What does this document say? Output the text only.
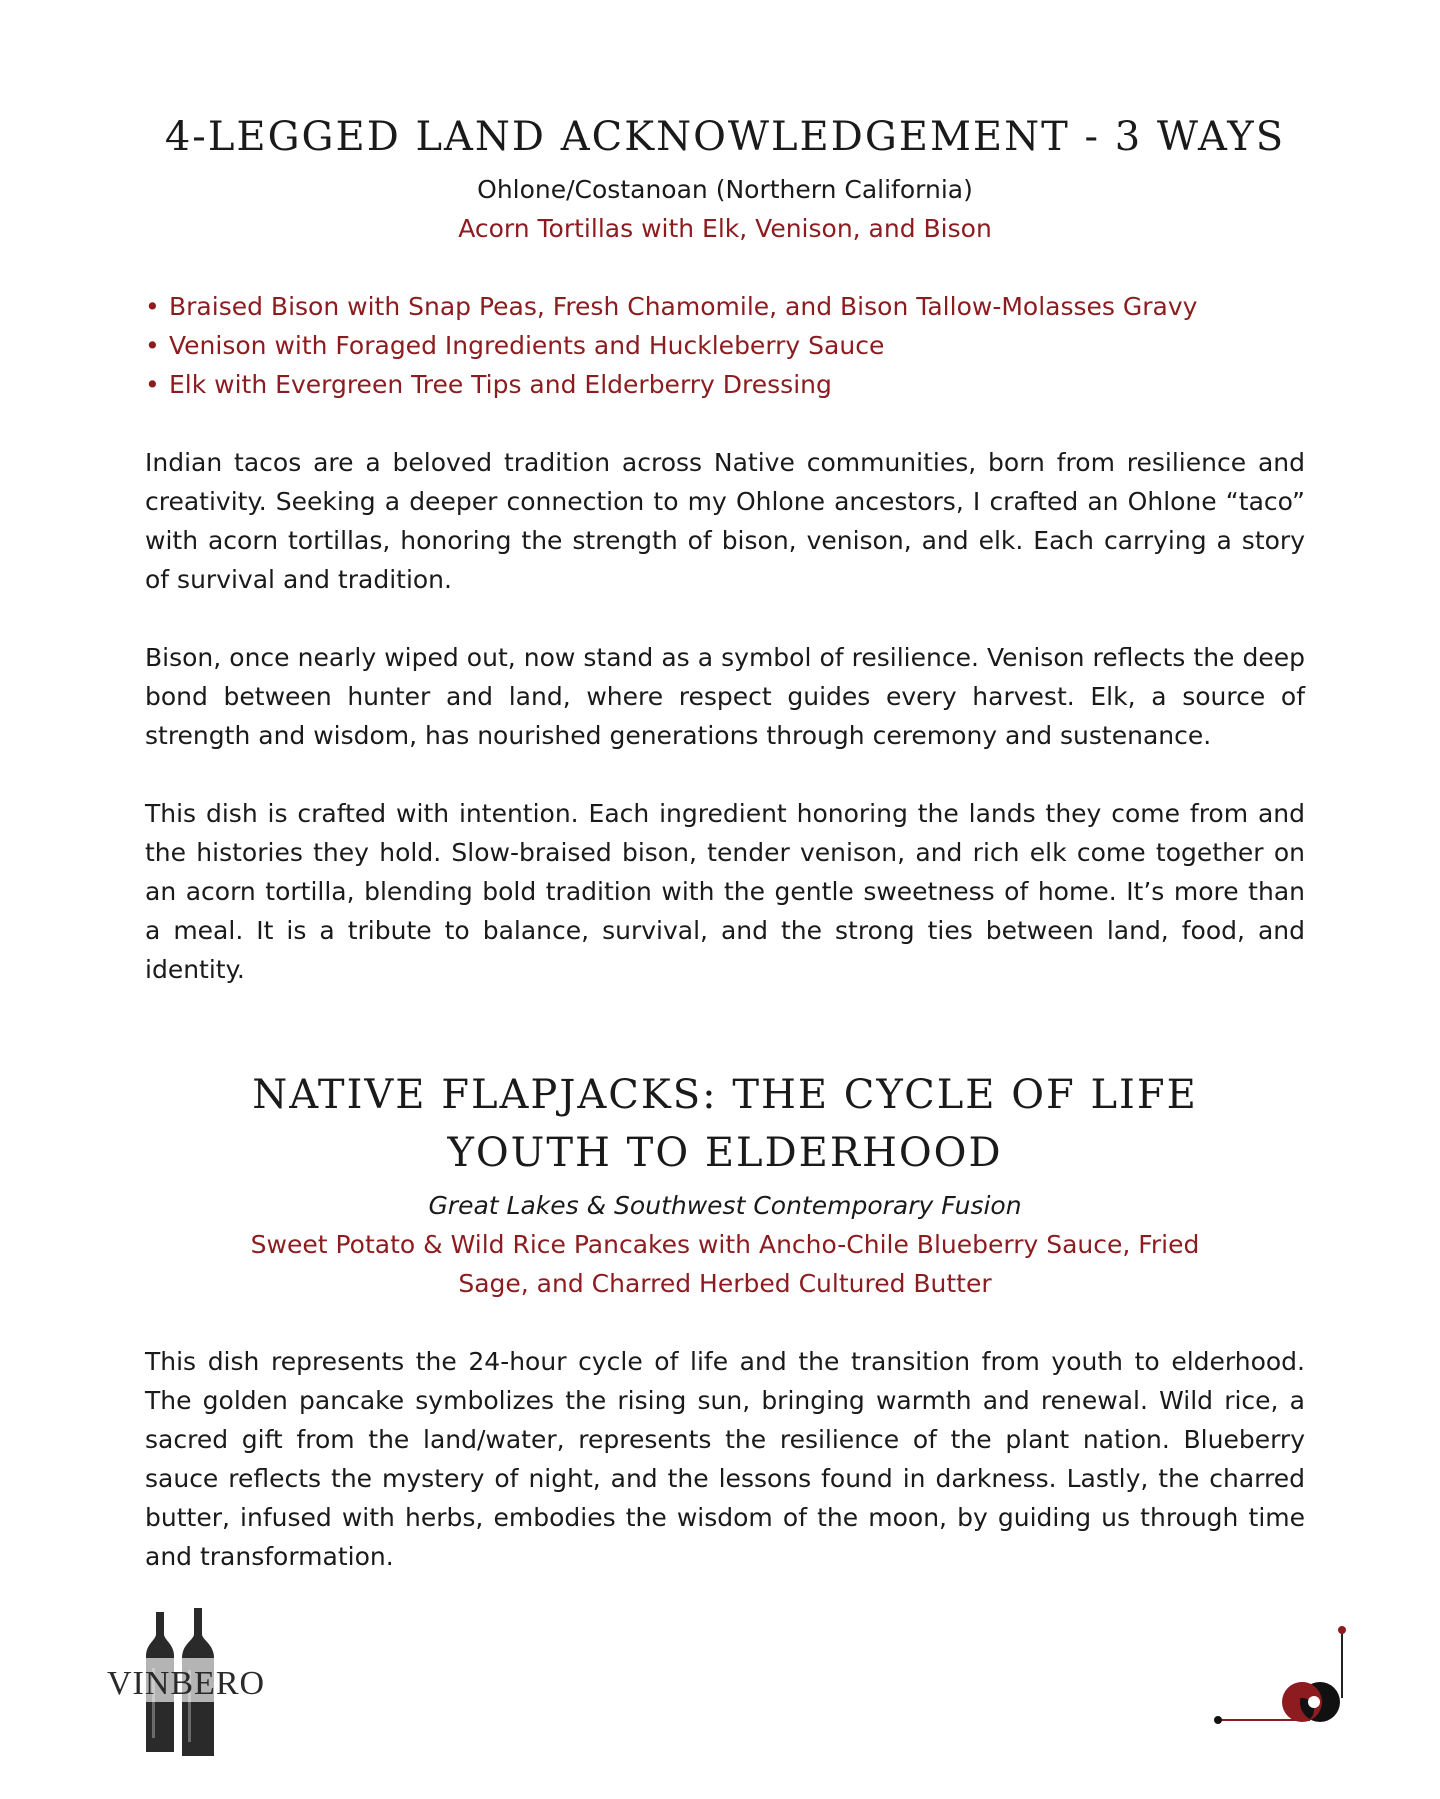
4-LEGGED LAND ACKNOWLEDGEMENT - 3 WAYS

Ohlone/Costanoan (Northern California)

Acorn Tortillas with Elk, Venison, and Bison

• Braised Bison with Snap Peas, Fresh Chamomile, and Bison Tallow-Molasses Gravy
• Venison with Foraged Ingredients and Huckleberry Sauce
• Elk with Evergreen Tree Tips and Elderberry Dressing

Indian tacos are a beloved tradition across Native communities, born from resilience and creativity. Seeking a deeper connection to my Ohlone ancestors, I crafted an Ohlone “taco” with acorn tortillas, honoring the strength of bison, venison, and elk. Each carrying a story of survival and tradition.

Bison, once nearly wiped out, now stand as a symbol of resilience. Venison reflects the deep bond between hunter and land, where respect guides every harvest. Elk, a source of strength and wisdom, has nourished generations through ceremony and sustenance.

This dish is crafted with intention. Each ingredient honoring the lands they come from and the histories they hold. Slow-braised bison, tender venison, and rich elk come together on an acorn tortilla, blending bold tradition with the gentle sweetness of home. It’s more than a meal. It is a tribute to balance, survival, and the strong ties between land, food, and identity.

NATIVE FLAPJACKS: THE CYCLE OF LIFE
YOUTH TO ELDERHOOD

Great Lakes & Southwest Contemporary Fusion

Sweet Potato & Wild Rice Pancakes with Ancho-Chile Blueberry Sauce, Fried Sage, and Charred Herbed Cultured Butter

This dish represents the 24-hour cycle of life and the transition from youth to elderhood. The golden pancake symbolizes the rising sun, bringing warmth and renewal. Wild rice, a sacred gift from the land/water, represents the resilience of the plant nation. Blueberry sauce reflects the mystery of night, and the lessons found in darkness. Lastly, the charred butter, infused with herbs, embodies the wisdom of the moon, by guiding us through time and transformation.

VINBERO
